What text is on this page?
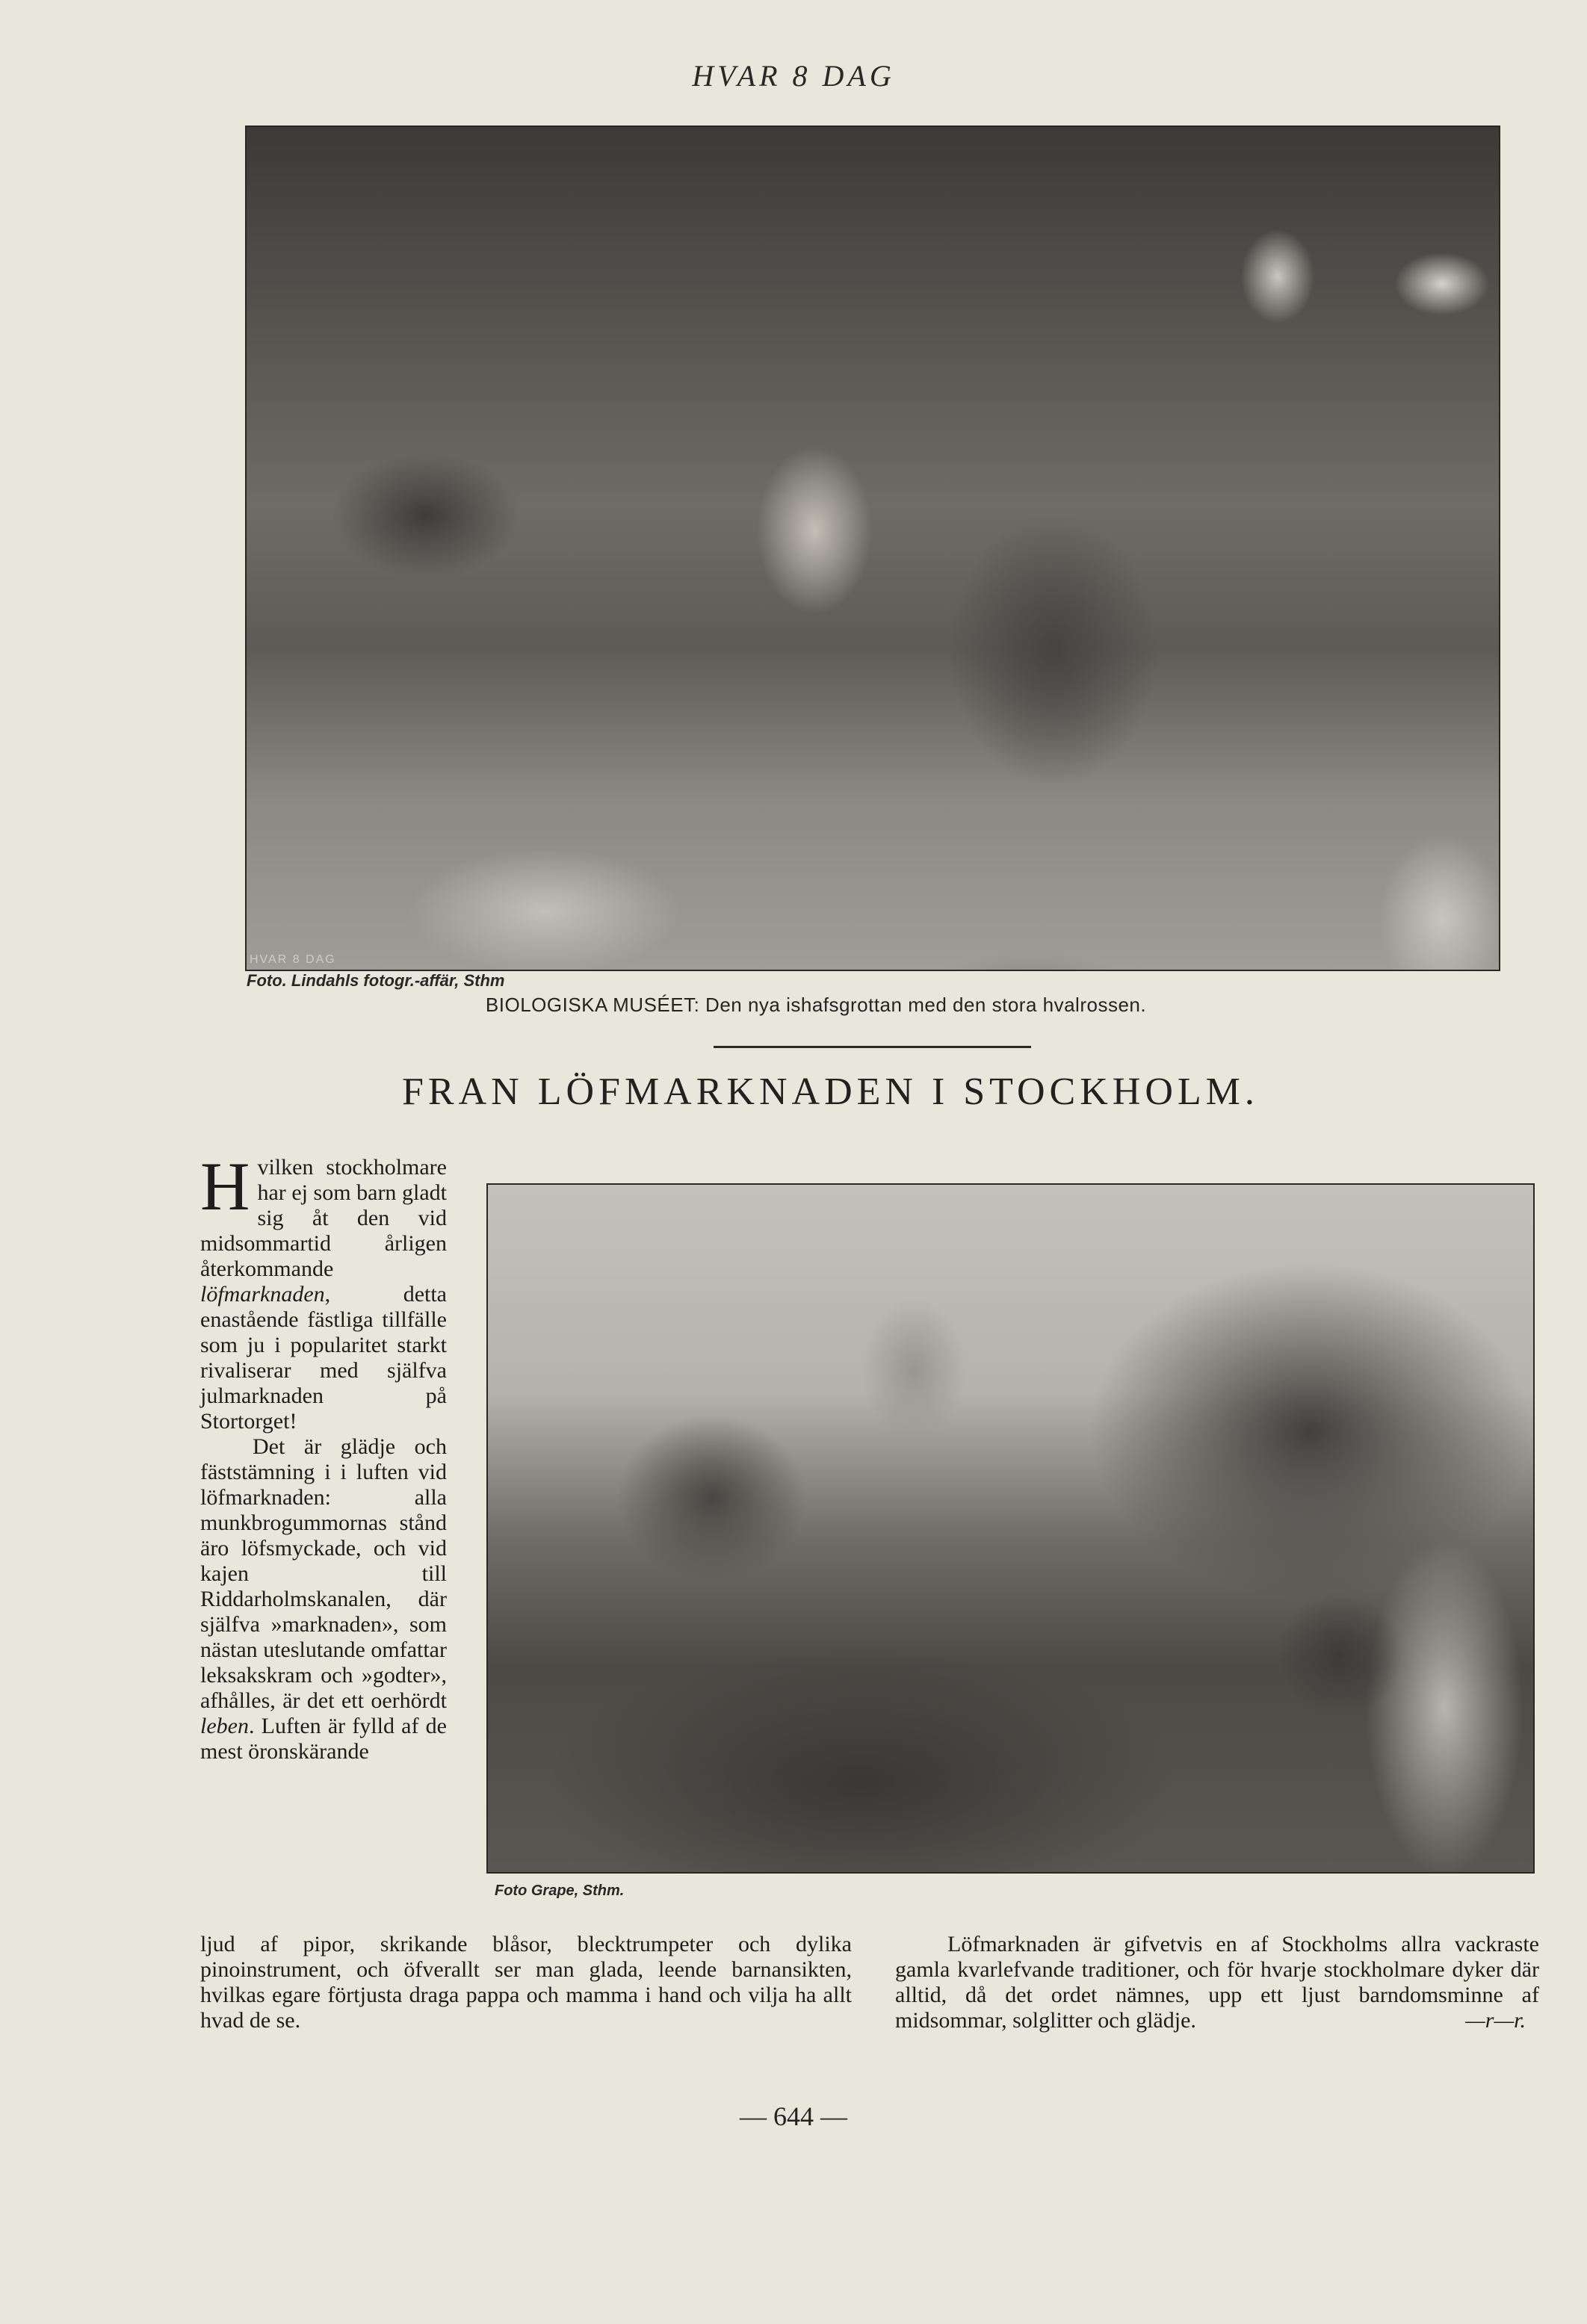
HVAR 8 DAG
HVAR 8 DAG
Foto. Lindahls fotogr.-affär, Sthm
BIOLOGISKA MUSÉET: Den nya ishafsgrottan med den stora hvalrossen.
FRAN LÖFMARKNADEN I STOCKHOLM.

Hvilken stockholmare har ej som barn gladt sig åt den vid midsommartid årligen återkommande löfmarknaden, detta enastående fästliga tillfälle som ju i popularitet starkt rivaliserar med själfva julmarknaden på Stortorget!

Det är glädje och fäststämning i i luften vid löfmarknaden: alla munkbrogummornas stånd äro löfsmyckade, och vid kajen till Riddarholmskanalen, där själfva »marknaden», som nästan uteslutande omfattar leksakskram och »godter», afhålles, är det ett oerhördt leben. Luften är fylld af de mest öronskärande

Foto Grape, Sthm.

ljud af pipor, skrikande blåsor, blecktrumpeter och dylika pinoinstrument, och öfverallt ser man glada, leende barnansikten, hvilkas egare förtjusta draga pappa och mamma i hand och vilja ha allt hvad de se.

Löfmarknaden är gifvetvis en af Stockholms allra vackraste gamla kvarlefvande traditioner, och för hvarje stockholmare dyker där alltid, då det ordet nämnes, upp ett ljust barndomsminne af midsommar, solglitter och glädje.	—r—r.

— 644 —
